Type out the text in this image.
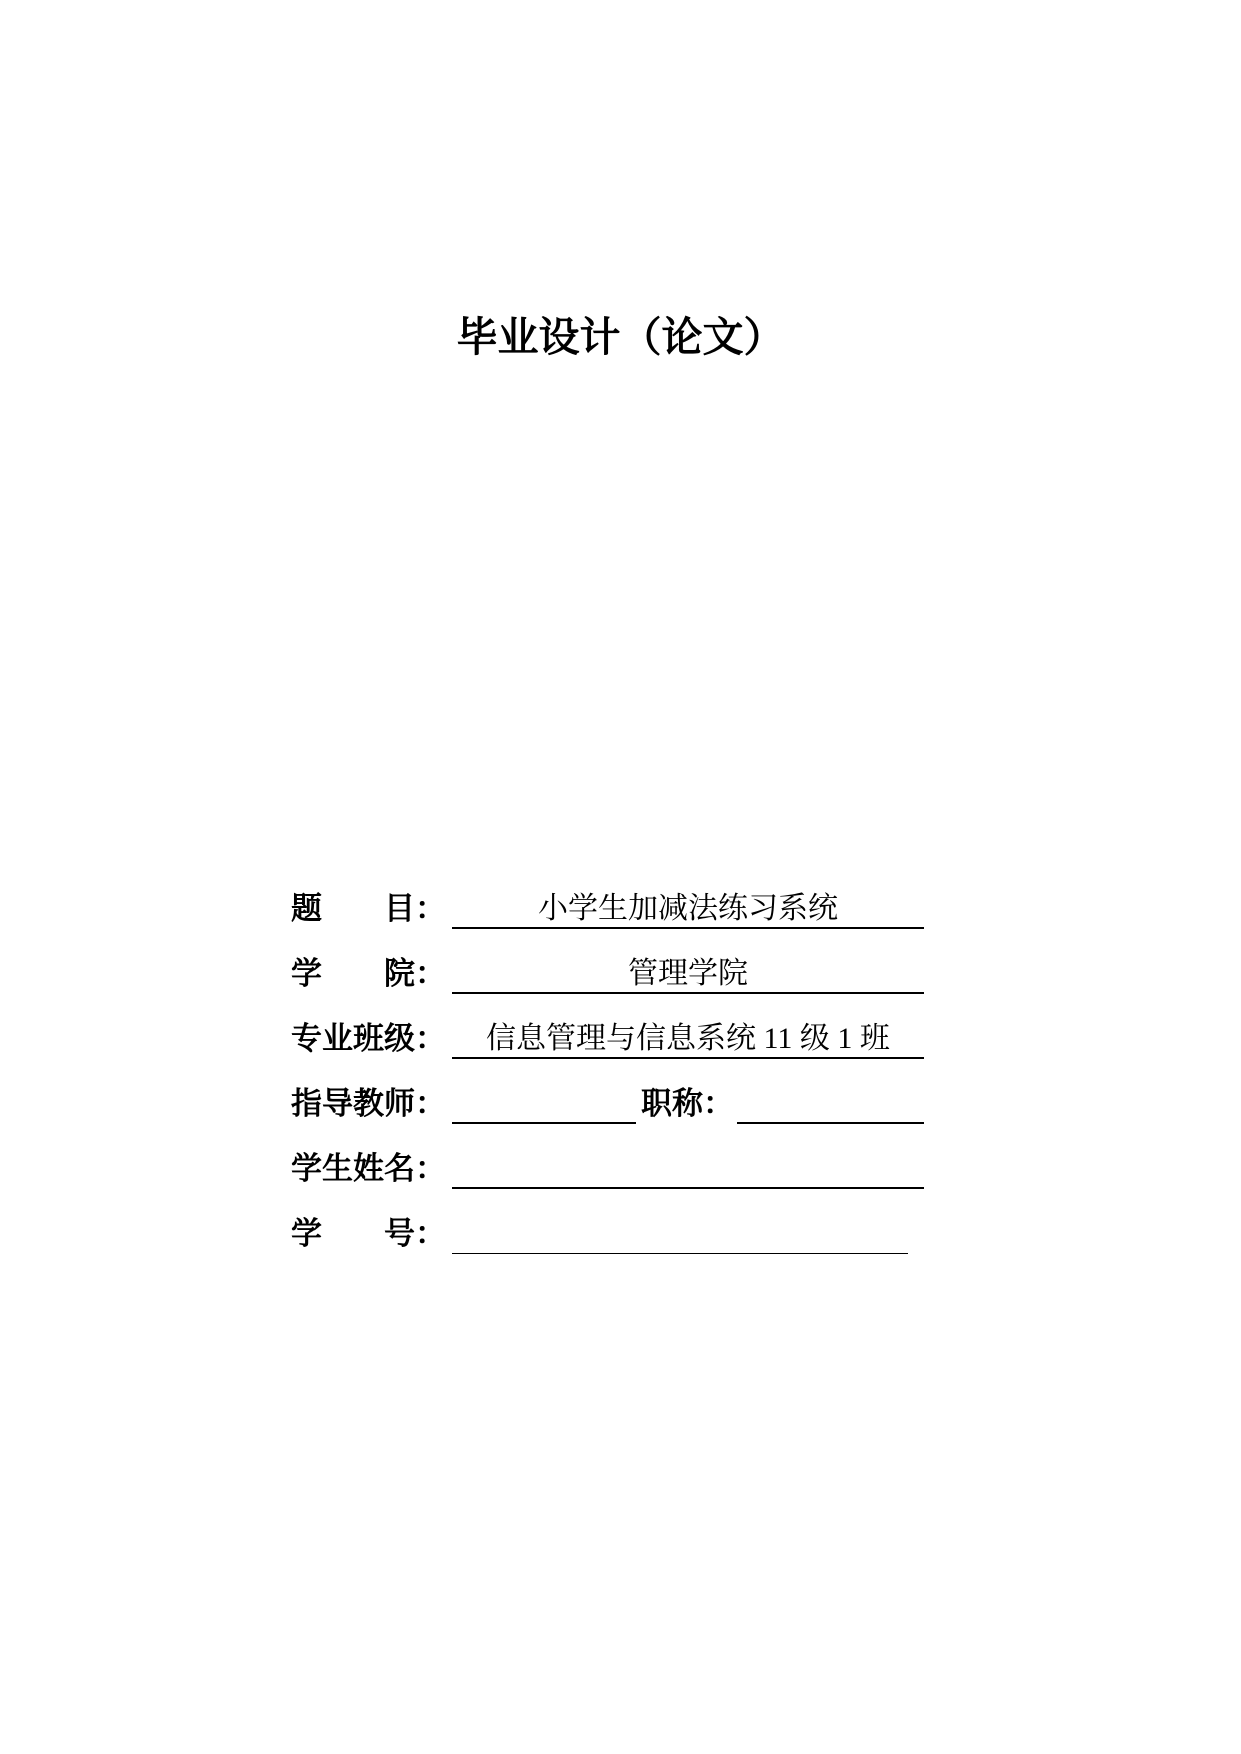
毕业设计（论文）
题　　目：	小学生加减法练习系统
学　　院：	管理学院
专业班级：	信息管理与信息系统 11 级 1 班
指导教师：	职称：
学生姓名：
学　　号：
